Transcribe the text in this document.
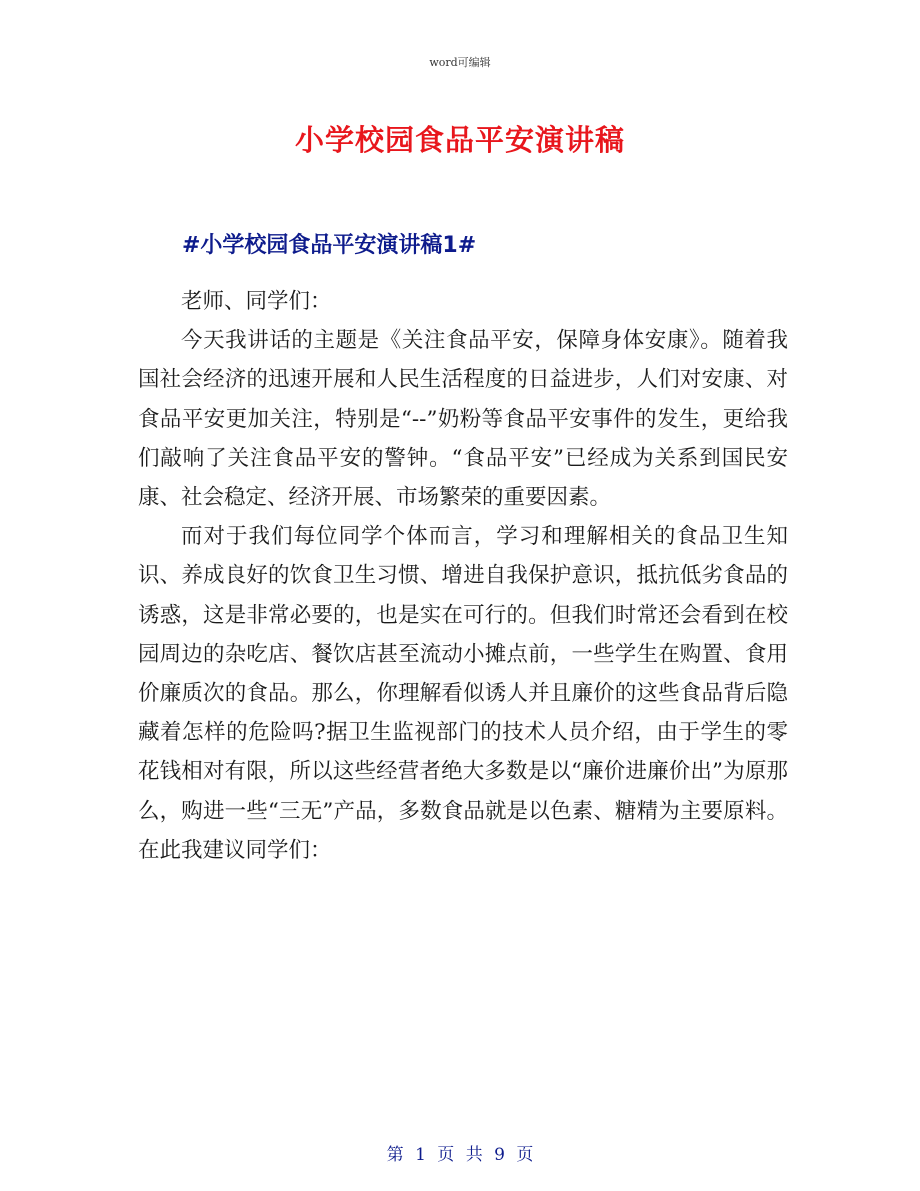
word可编辑
小学校园食品平安演讲稿
#小学校园食品平安演讲稿1#

老师、同学们：

今天我讲话的主题是《关注食品平安，保障身体安康》。随着我国社会经济的迅速开展和人民生活程度的日益进步，人们对安康、对食品平安更加关注，特别是“--”奶粉等食品平安事件的发生，更给我们敲响了关注食品平安的警钟。“食品平安”已经成为关系到国民安康、社会稳定、经济开展、市场繁荣的重要因素。

而对于我们每位同学个体而言，学习和理解相关的食品卫生知识、养成良好的饮食卫生习惯、增进自我保护意识，抵抗低劣食品的诱惑，这是非常必要的，也是实在可行的。但我们时常还会看到在校园周边的杂吃店、餐饮店甚至流动小摊点前，一些学生在购置、食用价廉质次的食品。那么，你理解看似诱人并且廉价的这些食品背后隐藏着怎样的危险吗?据卫生监视部门的技术人员介绍，由于学生的零花钱相对有限，所以这些经营者绝大多数是以“廉价进廉价出”为原那么，购进一些“三无”产品，多数食品就是以色素、糖精为主要原料。在此我建议同学们：

第 1 页 共 9 页
